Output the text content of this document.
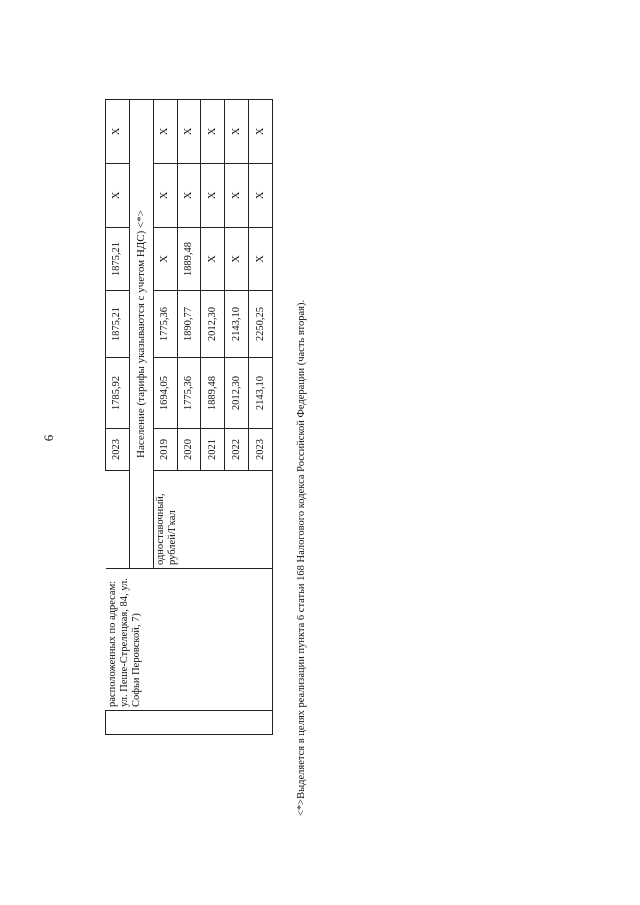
6
	расположенных по адресам: ул. Пеше-Стрелецкая, 84, ул. Софьи Перовской, 7)		2023	1785,92	1875,21	1875,21	X	X
		Население (тарифы указываются с учетом НДС) <*>						
		одноставочный, рублей/Гкал	2019	1694,05	1775,36	X	X	X
			2020	1775,36	1890,77	1889,48	X	X
			2021	1889,48	2012,30	X	X	X
			2022	2012,30	2143,10	X	X	X
			2023	2143,10	2250,25	X	X	X
<*>Выделяется в целях реализации пункта 6 статьи 168 Налогового кодекса Российской Федерации (часть вторая).
